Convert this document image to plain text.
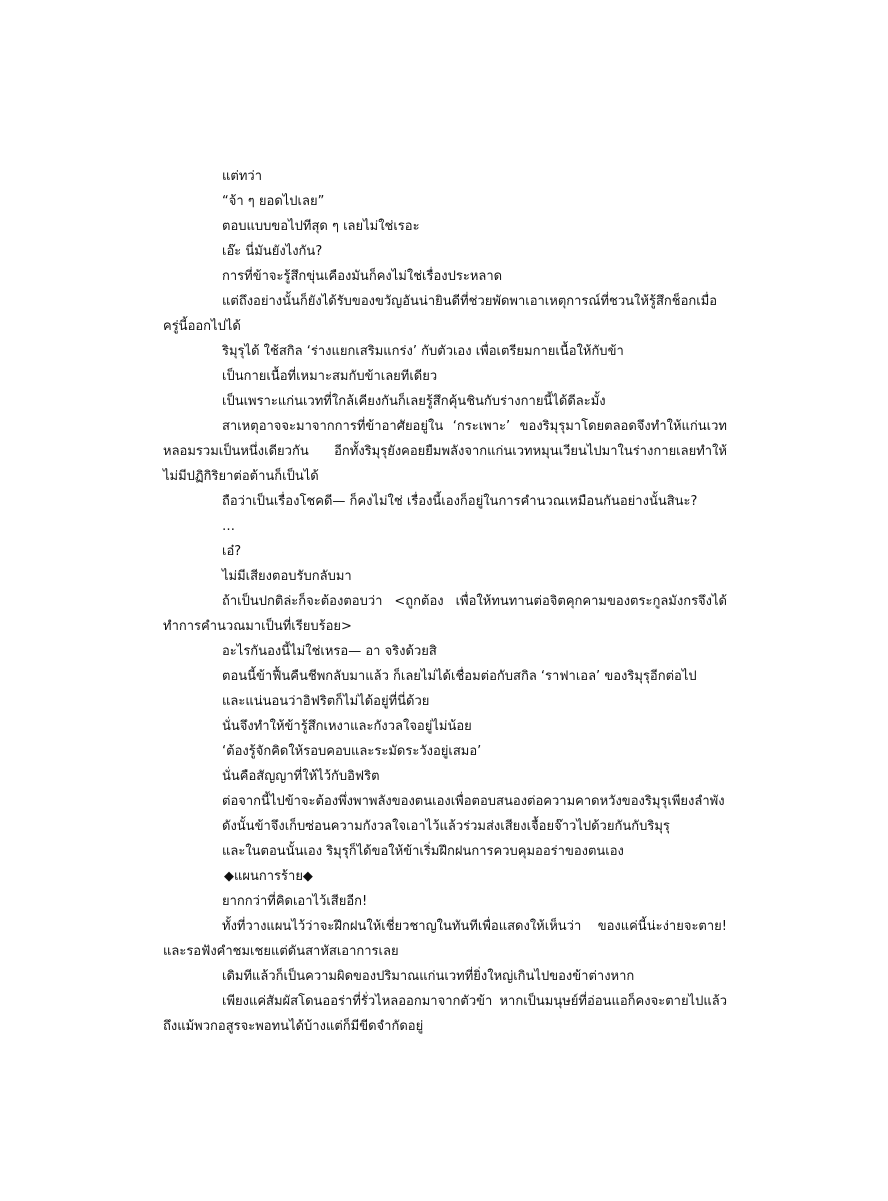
แต่ทว่า

“จ้า ๆ ยอดไปเลย”

ตอบแบบขอไปทีสุด ๆ เลยไม่ใช่เรอะ

เอ๊ะ นี่มันยังไงกัน?

การที่ข้าจะรู้สึกขุ่นเคืองมันก็คงไม่ใช่เรื่องประหลาด

แต่ถึงอย่างนั้นก็ยังได้รับของขวัญอันน่ายินดีที่ช่วยพัดพาเอาเหตุการณ์ที่ชวนให้รู้สึกช็อกเมื่อครู่นี้ออกไปได้

ริมุรุได้ ใช้สกิล ‘ร่างแยกเสริมแกร่ง’ กับตัวเอง เพื่อเตรียมกายเนื้อให้กับข้า

เป็นกายเนื้อที่เหมาะสมกับข้าเลยทีเดียว

เป็นเพราะแก่นเวทที่ใกล้เคียงกันก็เลยรู้สึกคุ้นชินกับร่างกายนี้ได้ดีละมั้ง

สาเหตุอาจจะมาจากการที่ข้าอาศัยอยู่ใน ‘กระเพาะ’ ของริมุรุมาโดยตลอดจึงทำให้แก่นเวทหลอมรวมเป็นหนึ่งเดียวกัน อีกทั้งริมุรุยังคอยยืมพลังจากแก่นเวทหมุนเวียนไปมาในร่างกายเลยทำให้ไม่มีปฏิกิริยาต่อต้านก็เป็นได้

ถือว่าเป็นเรื่องโชคดี— ก็คงไม่ใช่ เรื่องนี้เองก็อยู่ในการคำนวณเหมือนกันอย่างนั้นสินะ?

…

เอ๋?

ไม่มีเสียงตอบรับกลับมา

ถ้าเป็นปกติล่ะก็จะต้องตอบว่า <ถูกต้อง เพื่อให้ทนทานต่อจิตคุกคามของตระกูลมังกรจึงได้ทำการคำนวณมาเป็นที่เรียบร้อย>

อะไรกันองนี้ไม่ใช่เหรอ— อา จริงด้วยสิ

ตอนนี้ข้าฟื้นคืนชีพกลับมาแล้ว ก็เลยไม่ได้เชื่อมต่อกับสกิล ‘ราฟาเอล’ ของริมุรุอีกต่อไป

และแน่นอนว่าอิฟริตก็ไม่ได้อยู่ที่นี่ด้วย

นั่นจึงทำให้ข้ารู้สึกเหงาและกังวลใจอยู่ไม่น้อย

‘ต้องรู้จักคิดให้รอบคอบและระมัดระวังอยู่เสมอ’

นั่นคือสัญญาที่ให้ไว้กับอิฟริต

ต่อจากนี้ไปข้าจะต้องพึ่งพาพลังของตนเองเพื่อตอบสนองต่อความคาดหวังของริมุรุเพียงลำพัง

ดังนั้นข้าจึงเก็บซ่อนความกังวลใจเอาไว้แล้วร่วมส่งเสียงเจื้อยจ๊าวไปด้วยกันกับริมุรุ

และในตอนนั้นเอง ริมุรุก็ได้ขอให้ข้าเริ่มฝึกฝนการควบคุมออร่าของตนเอง

◆แผนการร้าย◆

ยากกว่าที่คิดเอาไว้เสียอีก!

ทั้งที่วางแผนไว้ว่าจะฝึกฝนให้เชี่ยวชาญในทันทีเพื่อแสดงให้เห็นว่า ของแค่นี้น่ะง่ายจะตาย! และรอฟังคำชมเชยแต่ดันสาหัสเอาการเลย

เดิมทีแล้วก็เป็นความผิดของปริมาณแก่นเวทที่ยิ่งใหญ่เกินไปของข้าต่างหาก

เพียงแค่สัมผัสโดนออร่าที่รั่วไหลออกมาจากตัวข้า หากเป็นมนุษย์ที่อ่อนแอก็คงจะตายไปแล้ว ถึงแม้พวกอสูรจะพอทนได้บ้างแต่ก็มีขีดจำกัดอยู่
